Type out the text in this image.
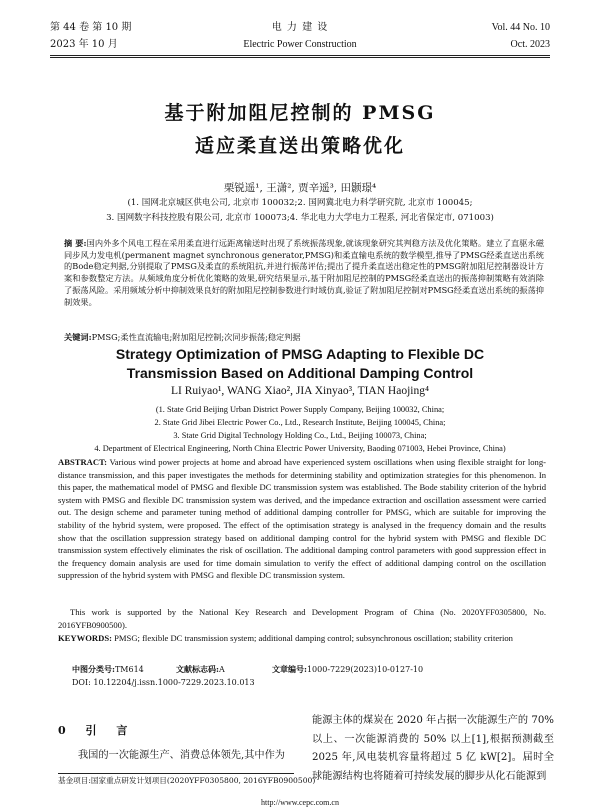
第 44 卷 第 10 期
2023 年 10 月
电 力 建 设
Electric Power Construction
Vol. 44 No. 10
Oct. 2023
基于附加阻尼控制的 PMSG
适应柔直送出策略优化
栗锐遥¹, 王潇², 贾辛遥³, 田颢璟⁴
(1. 国网北京城区供电公司, 北京市 100032;2. 国网冀北电力科学研究院, 北京市 100045;
3. 国网数字科技控股有限公司, 北京市 100073;4. 华北电力大学电力工程系, 河北省保定市, 071003)
摘 要:国内外多个风电工程在采用柔直进行远距离输送时出现了系统振荡现象,就该现象研究其判稳方法及优化策略。建立了直驱永磁同步风力发电机(permanent magnet synchronous generator,PMSG)和柔直输电系统的数学模型,推导了PMSG经柔直送出系统的Bode稳定判据,分别提取了PMSG及柔直的系统阻抗,并进行振荡评估;提出了提升柔直送出稳定性的PMSG附加阻尼控制器设计方案和参数整定方法。从频域角度分析优化策略的效果,研究结果显示,基于附加阻尼控制的PMSG经柔直送出的振荡抑制策略有效消除了振荡风险。采用频域分析中抑制效果良好的附加阻尼控制参数进行时域仿真,验证了附加阻尼控制对PMSG经柔直送出系统的振荡抑制效果。
关键词:PMSG;柔性直流输电;附加阻尼控制;次同步振荡;稳定判据
Strategy Optimization of PMSG Adapting to Flexible DC
Transmission Based on Additional Damping Control
LI Ruiyao¹, WANG Xiao², JIA Xinyao³, TIAN Haojing⁴
(1. State Grid Beijing Urban District Power Supply Company, Beijing 100032, China;
2. State Grid Jibei Electric Power Co., Ltd., Research Institute, Beijing 100045, China;
3. State Grid Digital Technology Holding Co., Ltd., Beijing 100073, China;
4. Department of Electrical Engineering, North China Electric Power University, Baoding 071003, Hebei Province, China)
ABSTRACT: Various wind power projects at home and abroad have experienced system oscillations when using flexible straight for long-distance transmission, and this paper investigates the methods for determining stability and optimization strategies for this phenomenon. In this paper, the mathematical model of PMSG and flexible DC transmission system was established. The Bode stability criterion of the hybrid system with PMSG and flexible DC transmission system was derived, and the impedance extraction and oscillation assessment were carried out. The design scheme and parameter tuning method of additional damping controller for PMSG, which are suitable for improving the stability of the hybrid system, were proposed. The effect of the optimisation strategy is analysed in the frequency domain and the results show that the oscillation suppression strategy based on additional damping control for the hybrid system with PMSG and flexible DC transmission system effectively eliminates the risk of oscillation. The additional damping control parameters with good suppression effect in the frequency domain analysis are used for time domain simulation to verify the effect of additional damping control on the oscillation suppression of the hybrid system with PMSG and flexible DC transmission system.
This work is supported by the National Key Research and Development Program of China (No. 2020YFF0305800, No. 2016YFB0900500).
KEYWORDS: PMSG; flexible DC transmission system; additional damping control; subsynchronous oscillation; stability criterion
中图分类号:TM614	文献标志码:A	文章编号:1000-7229(2023)10-0127-10
DOI: 10.12204/j.issn.1000-7229.2023.10.013
0 引 言
我国的一次能源生产、消费总体领先,其中作为
能源主体的煤炭在 2020 年占据一次能源生产的 70% 以上、一次能源消费的 50% 以上[1],根据预测截至 2025 年,风电装机容量将超过 5 亿 kW[2]。届时全球能源结构也将随着可持续发展的脚步从化石能源到
基金项目:国家重点研发计划项目(2020YFF0305800, 2016YFB0900500)
http://www.cepc.com.cn
